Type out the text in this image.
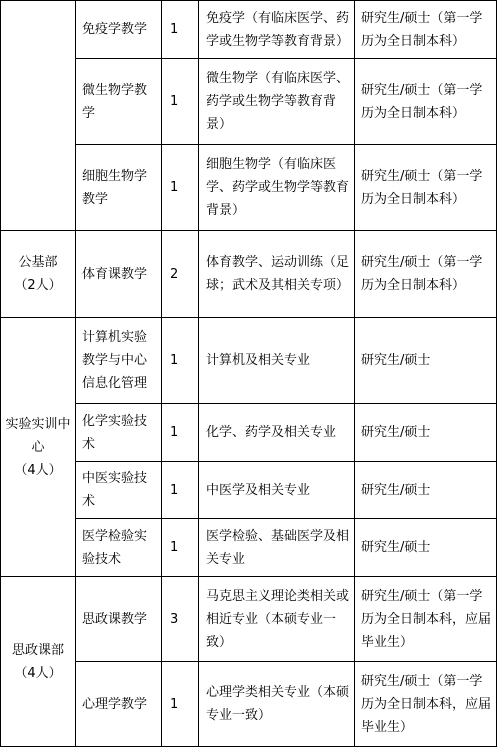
	免疫学教学	1	免疫学（有临床医学、药学或生物学等教育背景）	研究生/硕士（第一学历为全日制本科）
	微生物学教学	1	微生物学（有临床医学、药学或生物学等教育背景）	研究生/硕士（第一学历为全日制本科）
	细胞生物学教学	1	细胞生物学（有临床医学、药学或生物学等教育背景）	研究生/硕士（第一学历为全日制本科）

公基部
（2人）	体育课教学	2	体育教学、运动训练（足球；武术及其相关专项）	研究生/硕士（第一学历为全日制本科）

实验实训中心
（4人）	计算机实验教学与中心信息化管理	1	计算机及相关专业	研究生/硕士
	化学实验技术	1	化学、药学及相关专业	研究生/硕士
	中医实验技术	1	中医学及相关专业	研究生/硕士
	医学检验实验技术	1	医学检验、基础医学及相关专业	研究生/硕士

思政课部
（4人）	思政课教学	3	马克思主义理论类相关或相近专业（本硕专业一致）	研究生/硕士（第一学历为全日制本科，应届毕业生）
	心理学教学	1	心理学类相关专业（本硕专业一致）	研究生/硕士（第一学历为全日制本科，应届毕业生）
